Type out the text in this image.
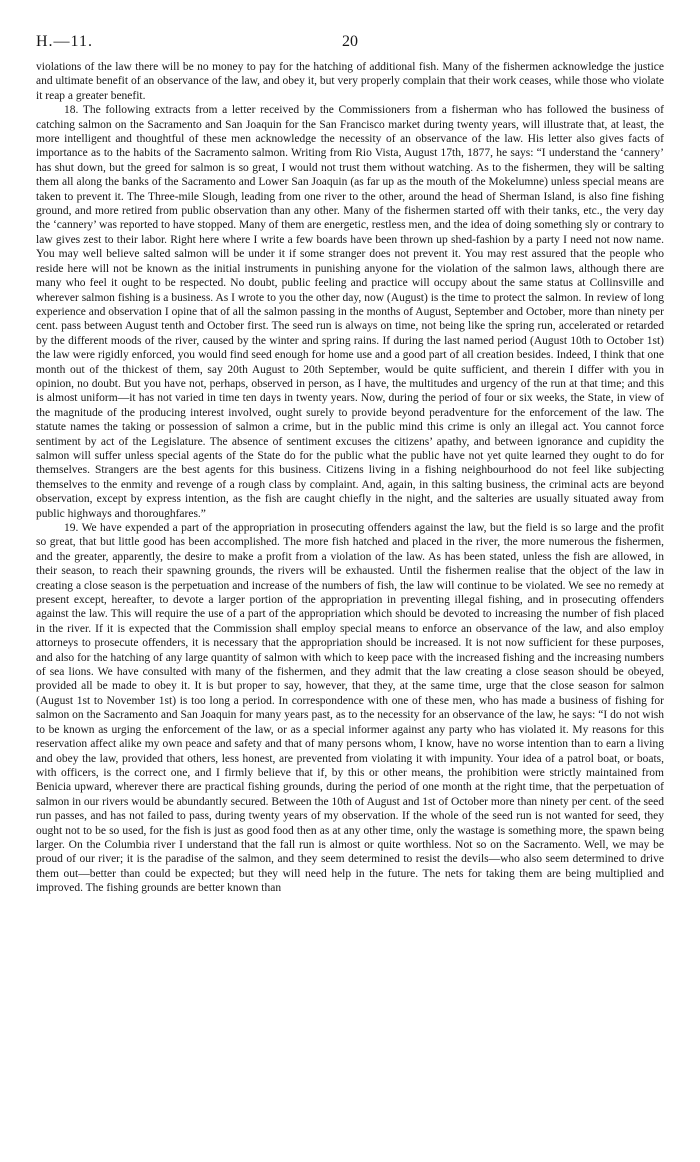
H.—11.	20

violations of the law there will be no money to pay for the hatching of additional fish. Many of the fishermen acknowledge the justice and ultimate benefit of an observance of the law, and obey it, but very properly complain that their work ceases, while those who violate it reap a greater benefit.

18. The following extracts from a letter received by the Commissioners from a fisherman who has followed the business of catching salmon on the Sacramento and San Joaquin for the San Francisco market during twenty years, will illustrate that, at least, the more intelligent and thoughtful of these men acknowledge the necessity of an observance of the law. His letter also gives facts of importance as to the habits of the Sacramento salmon. Writing from Rio Vista, August 17th, 1877, he says: “I understand the ‘cannery’ has shut down, but the greed for salmon is so great, I would not trust them without watching. As to the fishermen, they will be salting them all along the banks of the Sacramento and Lower San Joaquin (as far up as the mouth of the Mokelumne) unless special means are taken to prevent it. The Three-mile Slough, leading from one river to the other, around the head of Sherman Island, is also fine fishing ground, and more retired from public observation than any other. Many of the fishermen started off with their tanks, etc., the very day the ‘cannery’ was reported to have stopped. Many of them are energetic, restless men, and the idea of doing something sly or contrary to law gives zest to their labor. Right here where I write a few boards have been thrown up shed-fashion by a party I need not now name. You may well believe salted salmon will be under it if some stranger does not prevent it. You may rest assured that the people who reside here will not be known as the initial instruments in punishing anyone for the violation of the salmon laws, although there are many who feel it ought to be respected. No doubt, public feeling and practice will occupy about the same status at Collinsville and wherever salmon fishing is a business. As I wrote to you the other day, now (August) is the time to protect the salmon. In review of long experience and observation I opine that of all the salmon passing in the months of August, September and October, more than ninety per cent. pass between August tenth and October first. The seed run is always on time, not being like the spring run, accelerated or retarded by the different moods of the river, caused by the winter and spring rains. If during the last named period (August 10th to October 1st) the law were rigidly enforced, you would find seed enough for home use and a good part of all creation besides. Indeed, I think that one month out of the thickest of them, say 20th August to 20th September, would be quite sufficient, and therein I differ with you in opinion, no doubt. But you have not, perhaps, observed in person, as I have, the multitudes and urgency of the run at that time; and this is almost uniform—it has not varied in time ten days in twenty years. Now, during the period of four or six weeks, the State, in view of the magnitude of the producing interest involved, ought surely to provide beyond peradventure for the enforcement of the law. The statute names the taking or possession of salmon a crime, but in the public mind this crime is only an illegal act. You cannot force sentiment by act of the Legislature. The absence of sentiment excuses the citizens’ apathy, and between ignorance and cupidity the salmon will suffer unless special agents of the State do for the public what the public have not yet quite learned they ought to do for themselves. Strangers are the best agents for this business. Citizens living in a fishing neighbourhood do not feel like subjecting themselves to the enmity and revenge of a rough class by complaint. And, again, in this salting business, the criminal acts are beyond observation, except by express intention, as the fish are caught chiefly in the night, and the salteries are usually situated away from public highways and thoroughfares.”

19. We have expended a part of the appropriation in prosecuting offenders against the law, but the field is so large and the profit so great, that but little good has been accomplished. The more fish hatched and placed in the river, the more numerous the fishermen, and the greater, apparently, the desire to make a profit from a violation of the law. As has been stated, unless the fish are allowed, in their season, to reach their spawning grounds, the rivers will be exhausted. Until the fishermen realise that the object of the law in creating a close season is the perpetuation and increase of the numbers of fish, the law will continue to be violated. We see no remedy at present except, hereafter, to devote a larger portion of the appropriation in preventing illegal fishing, and in prosecuting offenders against the law. This will require the use of a part of the appropriation which should be devoted to increasing the number of fish placed in the river. If it is expected that the Commission shall employ special means to enforce an observance of the law, and also employ attorneys to prosecute offenders, it is necessary that the appropriation should be increased. It is not now sufficient for these purposes, and also for the hatching of any large quantity of salmon with which to keep pace with the increased fishing and the increasing numbers of sea lions. We have consulted with many of the fishermen, and they admit that the law creating a close season should be obeyed, provided all be made to obey it. It is but proper to say, however, that they, at the same time, urge that the close season for salmon (August 1st to November 1st) is too long a period. In correspondence with one of these men, who has made a business of fishing for salmon on the Sacramento and San Joaquin for many years past, as to the necessity for an observance of the law, he says: “I do not wish to be known as urging the enforcement of the law, or as a special informer against any party who has violated it. My reasons for this reservation affect alike my own peace and safety and that of many persons whom, I know, have no worse intention than to earn a living and obey the law, provided that others, less honest, are prevented from violating it with impunity. Your idea of a patrol boat, or boats, with officers, is the correct one, and I firmly believe that if, by this or other means, the prohibition were strictly maintained from Benicia upward, wherever there are practical fishing grounds, during the period of one month at the right time, that the perpetuation of salmon in our rivers would be abundantly secured. Between the 10th of August and 1st of October more than ninety per cent. of the seed run passes, and has not failed to pass, during twenty years of my observation. If the whole of the seed run is not wanted for seed, they ought not to be so used, for the fish is just as good food then as at any other time, only the wastage is something more, the spawn being larger. On the Columbia river I understand that the fall run is almost or quite worthless. Not so on the Sacramento. Well, we may be proud of our river; it is the paradise of the salmon, and they seem determined to resist the devils—who also seem determined to drive them out—better than could be expected; but they will need help in the future. The nets for taking them are being multiplied and improved. The fishing grounds are better known than
